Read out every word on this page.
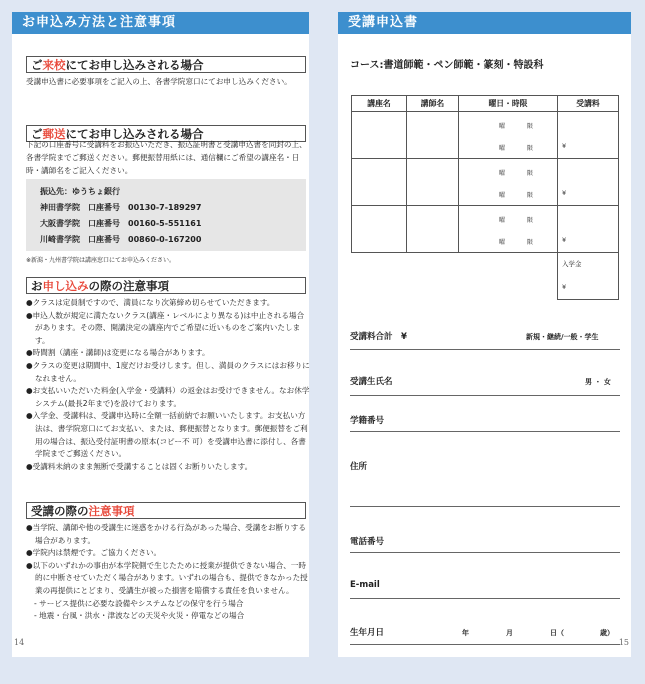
お申込み方法と注意事項
ご来校にてお申し込みされる場合
受講申込書に必要事項をご記入の上、各書学院窓口にてお申し込みください。
ご郵送にてお申し込みされる場合
下記の口座番号に受講料をお振込いただき、振込証明書と受講申込書を同封の上、各書学院までご郵送ください。郵便振替用紙には、通信欄にご希望の講座名・日時・講師名をご記入ください。
振込先：ゆうちょ銀行
神田書学院　口座番号　00130-7-189297
大阪書学院　口座番号　00160-5-551161
川崎書学院　口座番号　00860-0-167200
※新潟・九州書学院は講座窓口にてお申込みください。
お申し込みの際の注意事項
●クラスは定員制ですので、満員になり次第締め切らせていただきます。
●申込人数が規定に満たないクラス(講座・レベルにより異なる)は中止される場合があります。その際、開講決定の講座内でご希望に近いものをご案内いたします。
●時間割（講座・講師)は変更になる場合があります。
●クラスの変更は期間中、1度だけお受けします。但し、満員のクラスにはお移りになれません。
●お支払いいただいた料金(入学金・受講料）の返金はお受けできません。なお休学システム(最長2年まで)を設けております。
●入学金、受講料は、受講申込時に全額一括前納でお願いいたします。お支払い方法は、書学院窓口にてお支払い、または、郵便振替となります。郵便振替をご利用の場合は、振込受付証明書の原本(コピー不 可）を受講申込書に添付し、各書学院までご郵送ください。
●受講料未納のまま無断で受講することは固くお断りいたします。
受講の際の注意事項
●当学院、講師や他の受講生に迷惑をかける行為があった場合、受講をお断りする場合があります。
●学院内は禁煙です。ご協力ください。
●以下のいずれかの事由が本学院側で生じたために授業が提供できない場合、一時的に中断させていただく場合があります。いずれの場合も、提供できなかった授業の再提供にとどまり、受講生が被った損害を賠償する責任を負いません。
- サービス提供に必要な設備やシステムなどの保守を行う場合
- 地震・台風・洪水・津波などの天災や火災・停電などの場合
14
受講申込書
コース:書道師範・ペン師範・篆刻・特設科
講座名	講師名	曜日・時限	受講料

		曜 限
曜 限	¥

		曜 限
曜 限	¥

		曜 限
曜 限	¥

			入学金
¥
受講料合計　 ¥	新規・継続/一般・学生
受講生氏名	男 ・ 女
学籍番号
住所
電話番号
E-mail
生年月日	年	月	日（	歳）
15
